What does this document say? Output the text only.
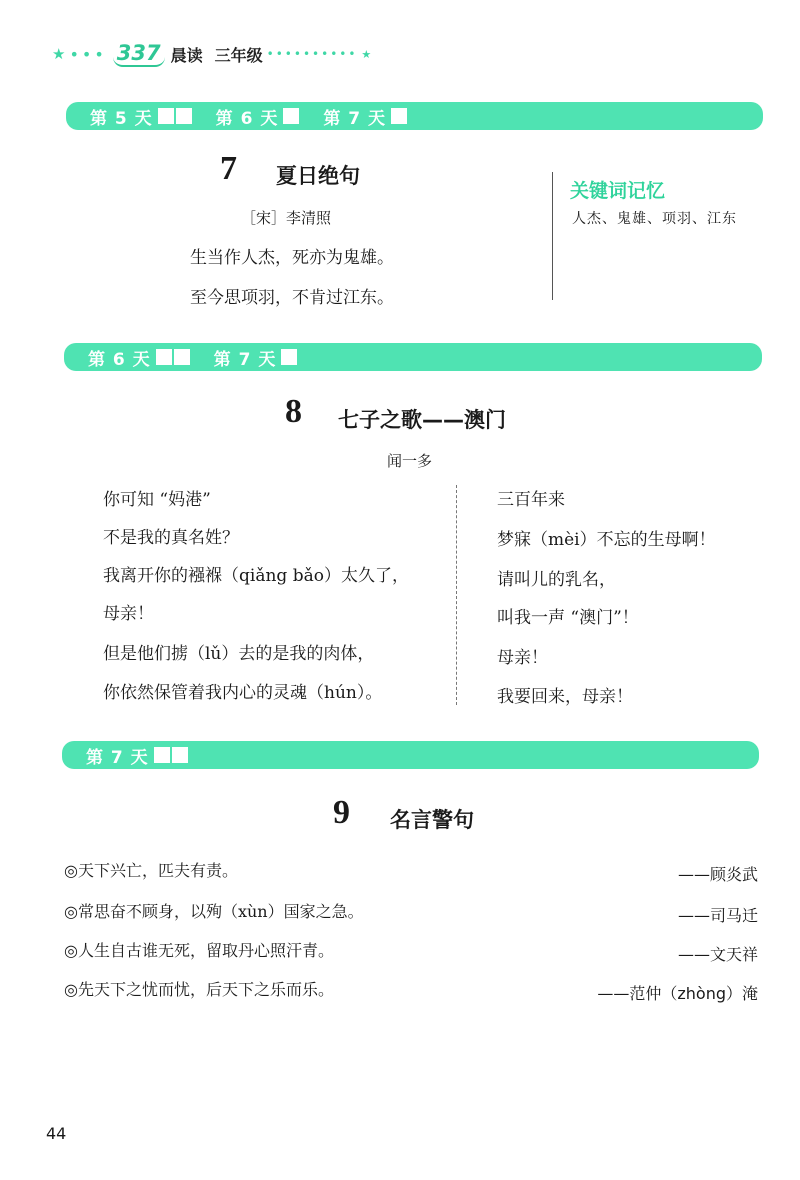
★ ••• 337 晨读 三年级 •••••••••• ★
第 5 天	第 6 天	第 7 天
7 夏日绝句
［宋］李清照
生当作人杰，死亦为鬼雄。
至今思项羽，不肯过江东。
关键词记忆
人杰、鬼雄、项羽、江东
第 6 天	第 7 天
8 七子之歌——澳门
闻一多
你可知 “妈港”
不是我的真名姓？
我离开你的襁褓（qiǎng bǎo）太久了，
母亲！
但是他们掳（lǔ）去的是我的肉体，
你依然保管着我内心的灵魂（hún）。
三百年来
梦寐（mèi）不忘的生母啊！
请叫儿的乳名，
叫我一声 “澳门”！
母亲！
我要回来，母亲！
第 7 天
9 名言警句
◎天下兴亡，匹夫有责。	——顾炎武
◎常思奋不顾身，以殉（xùn）国家之急。	——司马迁
◎人生自古谁无死，留取丹心照汗青。	——文天祥
◎先天下之忧而忧，后天下之乐而乐。	——范仲（zhòng）淹
44
